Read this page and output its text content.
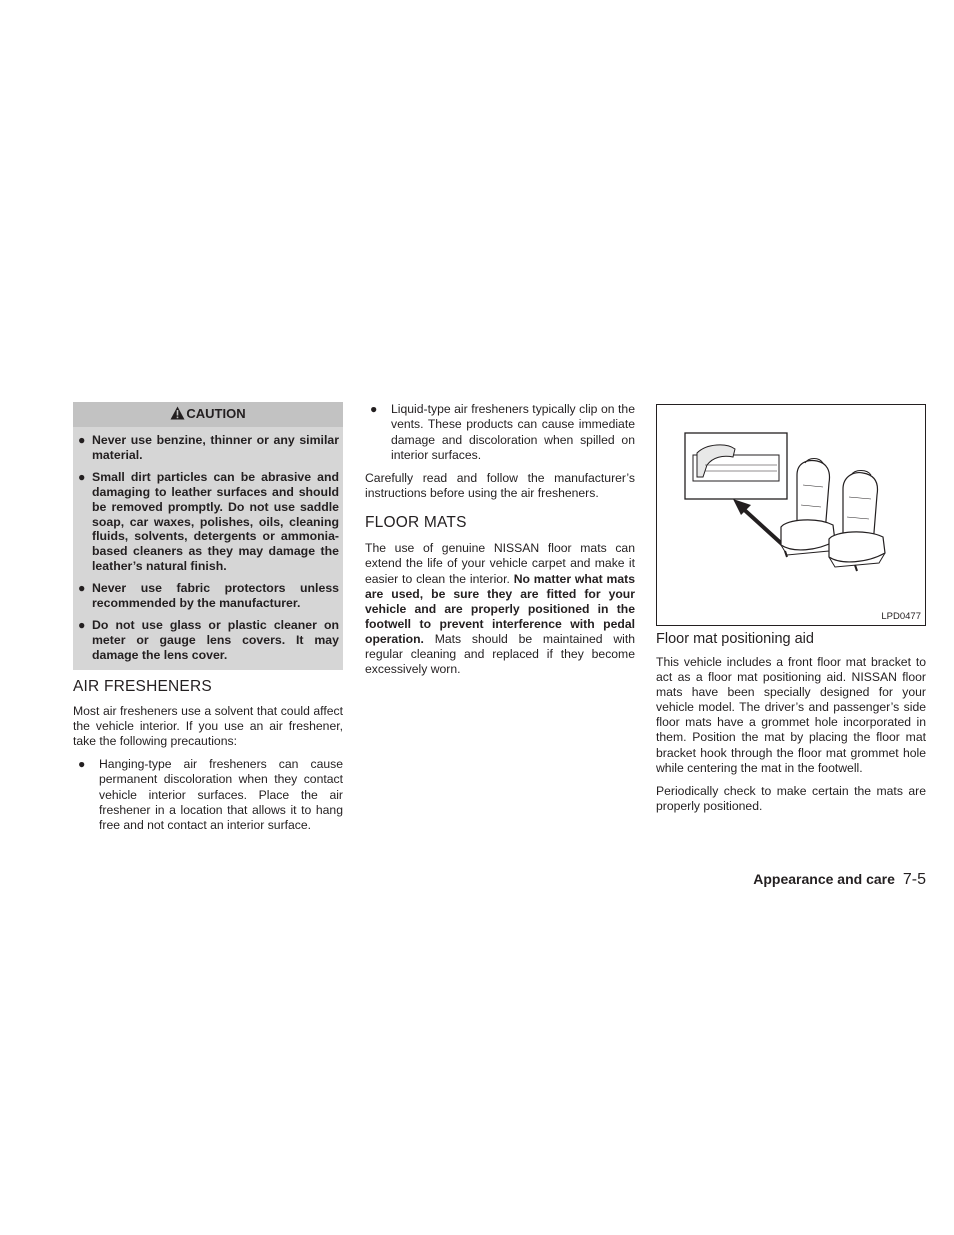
CAUTION
● Never use benzine, thinner or any similar material.
● Small dirt particles can be abrasive and damaging to leather surfaces and should be removed promptly. Do not use saddle soap, car waxes, polishes, oils, cleaning fluids, solvents, detergents or ammonia-based cleaners as they may damage the leather’s natural finish.
● Never use fabric protectors unless recommended by the manufacturer.
● Do not use glass or plastic cleaner on meter or gauge lens covers. It may damage the lens cover.
AIR FRESHENERS

Most air fresheners use a solvent that could affect the vehicle interior. If you use an air freshener, take the following precautions:

● Hanging-type air fresheners can cause permanent discoloration when they contact vehicle interior surfaces. Place the air freshener in a location that allows it to hang free and not contact an interior surface.
● Liquid-type air fresheners typically clip on the vents. These products can cause immediate damage and discoloration when spilled on interior surfaces.

Carefully read and follow the manufacturer’s instructions before using the air fresheners.

FLOOR MATS

The use of genuine NISSAN floor mats can extend the life of your vehicle carpet and make it easier to clean the interior. No matter what mats are used, be sure they are fitted for your vehicle and are properly positioned in the footwell to prevent interference with pedal operation. Mats should be maintained with regular cleaning and replaced if they become excessively worn.

LPD0477
Floor mat positioning aid

This vehicle includes a front floor mat bracket to act as a floor mat positioning aid. NISSAN floor mats have been specially designed for your vehicle model. The driver’s and passenger’s side floor mats have a grommet hole incorporated in them. Position the mat by placing the floor mat bracket hook through the floor mat grommet hole while centering the mat in the footwell.

Periodically check to make certain the mats are properly positioned.

Appearance and care 7-5
